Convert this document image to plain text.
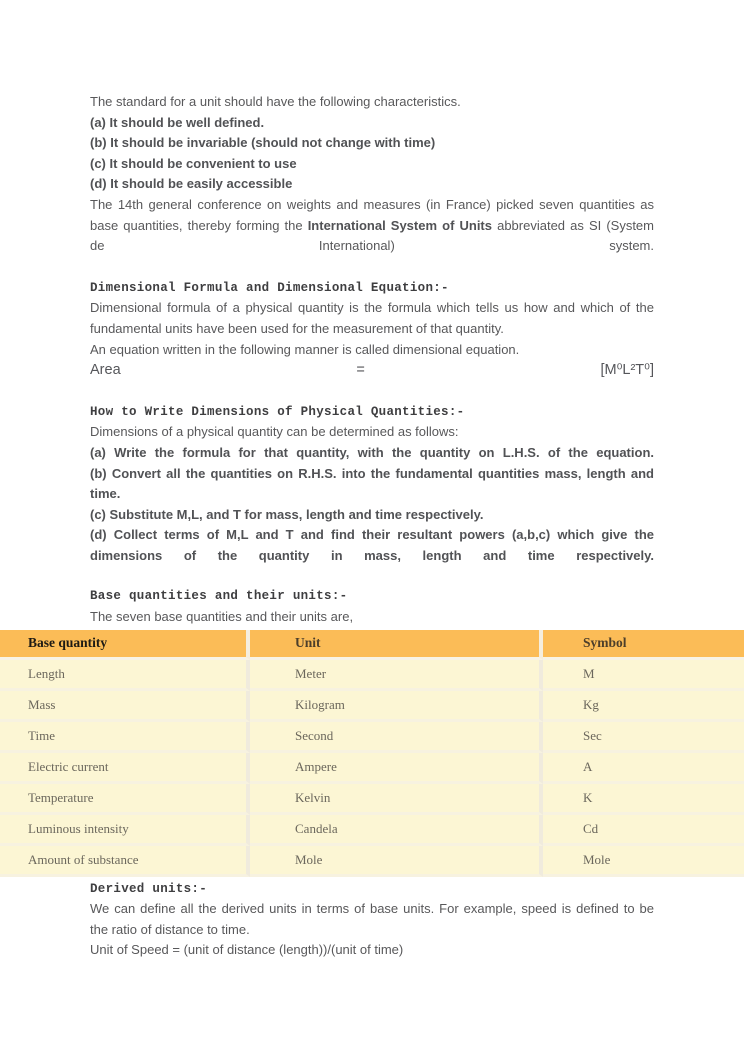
The standard for a unit should have the following characteristics.
(a) It should be well defined.
(b) It should be invariable (should not change with time)
(c) It should be convenient to use
(d) It should be easily accessible
The 14th general conference on weights and measures (in France) picked seven quantities as
base quantities, thereby forming the International System of Units abbreviated as SI (System
de International) system.
Dimensional Formula and Dimensional Equation:-
Dimensional formula of a physical quantity is the formula which tells us how and which of the
fundamental units have been used for the measurement of that quantity.
An equation written in the following manner is called dimensional equation.
Area = [M⁰L²T⁰]
How to Write Dimensions of Physical Quantities:-
Dimensions of a physical quantity can be determined as follows:
(a) Write the formula for that quantity, with the quantity on L.H.S. of the equation.
(b) Convert all the quantities on R.H.S. into the fundamental quantities mass, length and
time.
(c) Substitute M,L, and T for mass, length and time respectively.
(d) Collect terms of M,L and T and find their resultant powers (a,b,c) which give the
dimensions of the quantity in mass, length and time respectively.
Base quantities and their units:-
The seven base quantities and their units are,
Base quantity	Unit	Symbol
Length	Meter	M
Mass	Kilogram	Kg
Time	Second	Sec
Electric current	Ampere	A
Temperature	Kelvin	K
Luminous intensity	Candela	Cd
Amount of substance	Mole	Mole
Derived units:-
We can define all the derived units in terms of base units. For example, speed is defined to be
the ratio of distance to time.
Unit of Speed = (unit of distance (length))/(unit of time)
